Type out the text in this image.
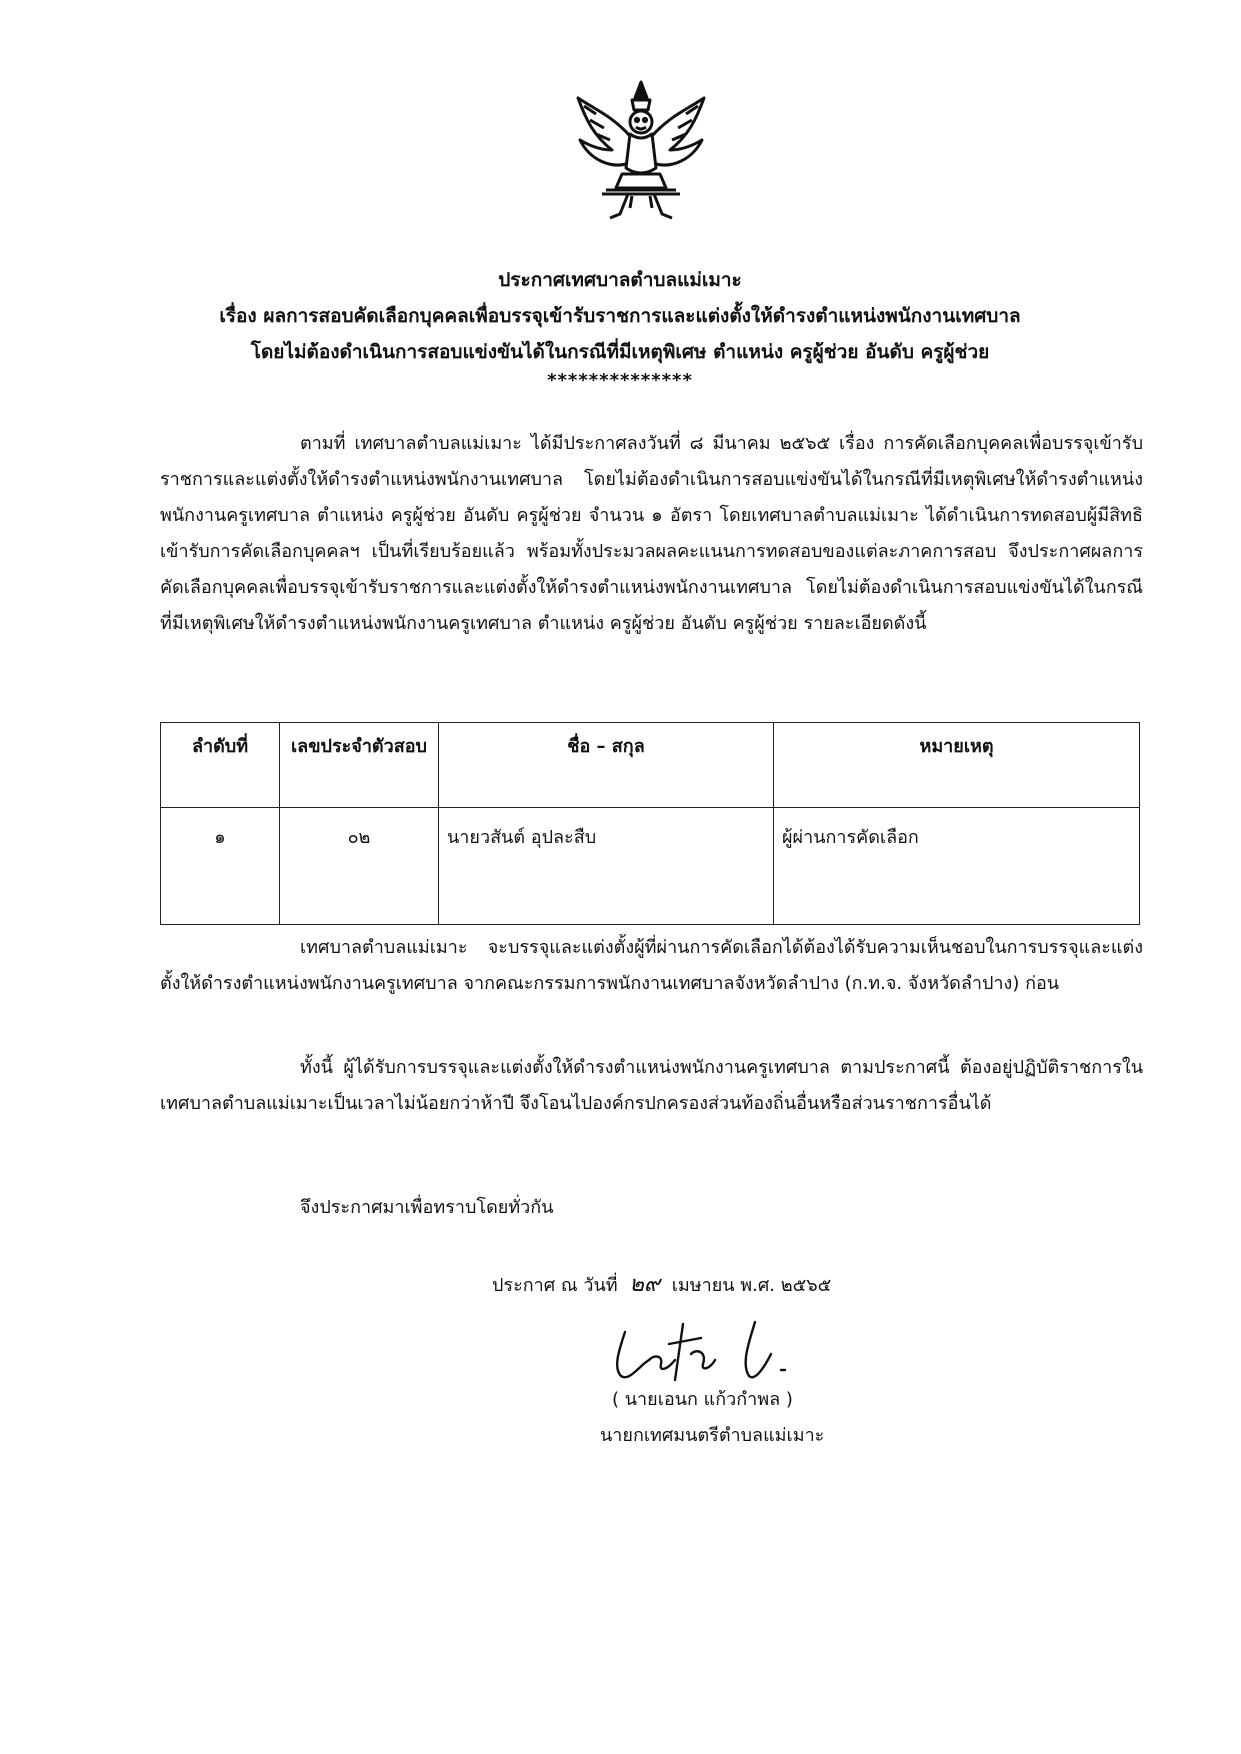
ประกาศเทศบาลตำบลแม่เมาะ
เรื่อง ผลการสอบคัดเลือกบุคคลเพื่อบรรจุเข้ารับราชการและแต่งตั้งให้ดำรงตำแหน่งพนักงานเทศบาล
โดยไม่ต้องดำเนินการสอบแข่งขันได้ในกรณีที่มีเหตุพิเศษ ตำแหน่ง ครูผู้ช่วย อันดับ ครูผู้ช่วย
**************
ตามที่ เทศบาลตำบลแม่เมาะ ได้มีประกาศลงวันที่ ๘ มีนาคม ๒๕๖๕ เรื่อง การคัดเลือกบุคคลเพื่อบรรจุเข้ารับราชการและแต่งตั้งให้ดำรงตำแหน่งพนักงานเทศบาล โดยไม่ต้องดำเนินการสอบแข่งขันได้ในกรณีที่มีเหตุพิเศษให้ดำรงตำแหน่งพนักงานครูเทศบาล ตำแหน่ง ครูผู้ช่วย อันดับ ครูผู้ช่วย จำนวน ๑ อัตรา โดยเทศบาลตำบลแม่เมาะ ได้ดำเนินการทดสอบผู้มีสิทธิเข้ารับการคัดเลือกบุคคลฯ เป็นที่เรียบร้อยแล้ว พร้อมทั้งประมวลผลคะแนนการทดสอบของแต่ละภาคการสอบ จึงประกาศผลการคัดเลือกบุคคลเพื่อบรรจุเข้ารับราชการและแต่งตั้งให้ดำรงตำแหน่งพนักงานเทศบาล โดยไม่ต้องดำเนินการสอบแข่งขันได้ในกรณีที่มีเหตุพิเศษให้ดำรงตำแหน่งพนักงานครูเทศบาล ตำแหน่ง ครูผู้ช่วย อันดับ ครูผู้ช่วย รายละเอียดดังนี้
ลำดับที่	เลขประจำตัวสอบ	ชื่อ – สกุล	หมายเหตุ
๑	๐๒	นายวสันต์ อุปละสืบ	ผู้ผ่านการคัดเลือก
เทศบาลตำบลแม่เมาะ จะบรรจุและแต่งตั้งผู้ที่ผ่านการคัดเลือกได้ต้องได้รับความเห็นชอบในการบรรจุและแต่งตั้งให้ดำรงตำแหน่งพนักงานครูเทศบาล จากคณะกรรมการพนักงานเทศบาลจังหวัดลำปาง (ก.ท.จ. จังหวัดลำปาง) ก่อน
ทั้งนี้ ผู้ได้รับการบรรจุและแต่งตั้งให้ดำรงตำแหน่งพนักงานครูเทศบาล ตามประกาศนี้ ต้องอยู่ปฏิบัติราชการในเทศบาลตำบลแม่เมาะเป็นเวลาไม่น้อยกว่าห้าปี จึงโอนไปองค์กรปกครองส่วนท้องถิ่นอื่นหรือส่วนราชการอื่นได้
จึงประกาศมาเพื่อทราบโดยทั่วกัน
ประกาศ ณ วันที่ ๒๙ เมษายน พ.ศ. ๒๕๖๕
( นายเอนก แก้วกำพล )
นายกเทศมนตรีตำบลแม่เมาะ
